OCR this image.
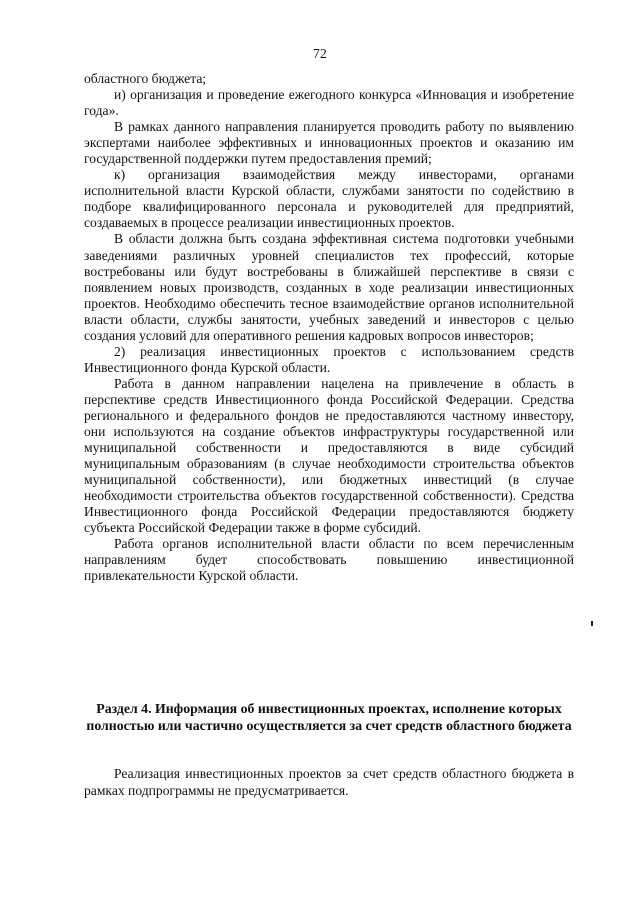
72

областного бюджета;

и) организация и проведение ежегодного конкурса «Инновация и изобретение года».

В рамках данного направления планируется проводить работу по выявлению экспертами наиболее эффективных и инновационных проектов и оказанию им государственной поддержки путем предоставления премий;

к) организация взаимодействия между инвесторами, органами исполнительной власти Курской области, службами занятости по содействию в подборе квалифицированного персонала и руководителей для предприятий, создаваемых в процессе реализации инвестиционных проектов.

В области должна быть создана эффективная система подготовки учебными заведениями различных уровней специалистов тех профессий, которые востребованы или будут востребованы в ближайшей перспективе в связи с появлением новых производств, созданных в ходе реализации инвестиционных проектов. Необходимо обеспечить тесное взаимодействие органов исполнительной власти области, службы занятости, учебных заведений и инвесторов с целью создания условий для оперативного решения кадровых вопросов инвесторов;

2) реализация инвестиционных проектов с использованием средств Инвестиционного фонда Курской области.

Работа в данном направлении нацелена на привлечение в область в перспективе средств Инвестиционного фонда Российской Федерации. Средства регионального и федерального фондов не предоставляются частному инвестору, они используются на создание объектов инфраструктуры государственной или муниципальной собственности и предоставляются в виде субсидий муниципальным образованиям (в случае необходимости строительства объектов муниципальной собственности), или бюджетных инвестиций (в случае необходимости строительства объектов государственной собственности). Средства Инвестиционного фонда Российской Федерации предоставляются бюджету субъекта Российской Федерации также в форме субсидий.

Работа органов исполнительной власти области по всем перечисленным направлениям будет способствовать повышению инвестиционной привлекательности Курской области.

Раздел 4. Информация об инвестиционных проектах, исполнение которых полностью или частично осуществляется за счет средств областного бюджета

Реализация инвестиционных проектов за счет средств областного бюджета в рамках подпрограммы не предусматривается.
